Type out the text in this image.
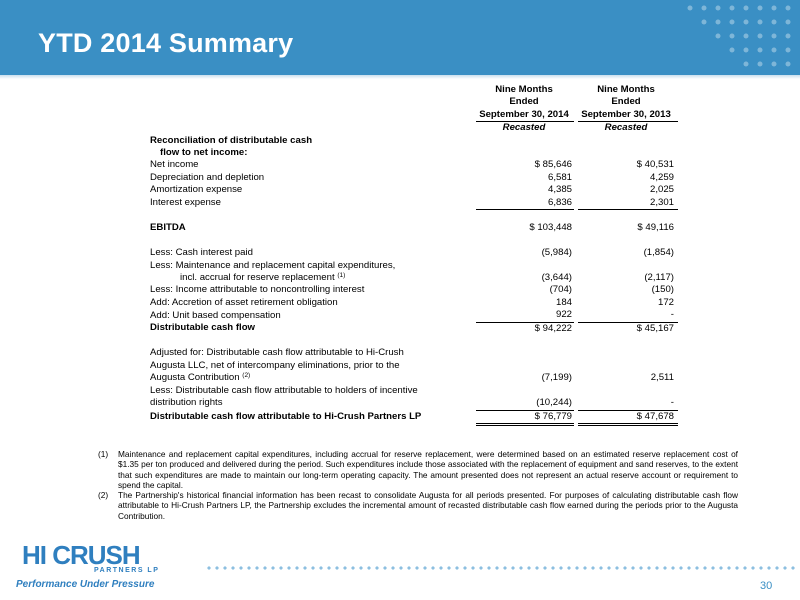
YTD 2014 Summary
	Nine Months		Nine Months
	Ended		Ended
	September 30, 2014		September 30, 2013
	Recasted		Recasted
Reconciliation of distributable cash			
flow to net income:			
Net income	$ 85,646		$ 40,531
Depreciation and depletion	6,581		4,259
Amortization expense	4,385		2,025
Interest expense	6,836		2,301

EBITDA	$ 103,448		$ 49,116

Less: Cash interest paid	(5,984)		(1,854)
Less: Maintenance and replacement capital expenditures,			
incl. accrual for reserve replacement $^{(1)}$	(3,644)		(2,117)
Less: Income attributable to noncontrolling interest	(704)		(150)
Add: Accretion of asset retirement obligation	184		172
Add: Unit based compensation	922		-
Distributable cash flow	$ 94,222		$ 45,167

Adjusted for: Distributable cash flow attributable to Hi-Crush			
Augusta LLC, net of intercompany eliminations, prior to the			
Augusta Contribution $^{(2)}$	(7,199)		2,511
Less: Distributable cash flow attributable to holders of incentive			
distribution rights	(10,244)		-
Distributable cash flow attributable to Hi-Crush Partners LP	$ 76,779		$ 47,678
(1)	Maintenance and replacement capital expenditures, including accrual for reserve replacement, were determined based on an estimated reserve replacement cost of $1.35 per ton produced and delivered during the period. Such expenditures include those associated with the replacement of equipment and sand reserves, to the extent that such expenditures are made to maintain our long-term operating capacity. The amount presented does not represent an actual reserve account or requirement to spend the capital.
(2)	The Partnership's historical financial information has been recast to consolidate Augusta for all periods presented. For purposes of calculating distributable cash flow attributable to Hi-Crush Partners LP, the Partnership excludes the incremental amount of recasted distributable cash flow earned during the periods prior to the Augusta Contribution.
HI CRUSH
PARTNERS LP
Performance Under Pressure	30
